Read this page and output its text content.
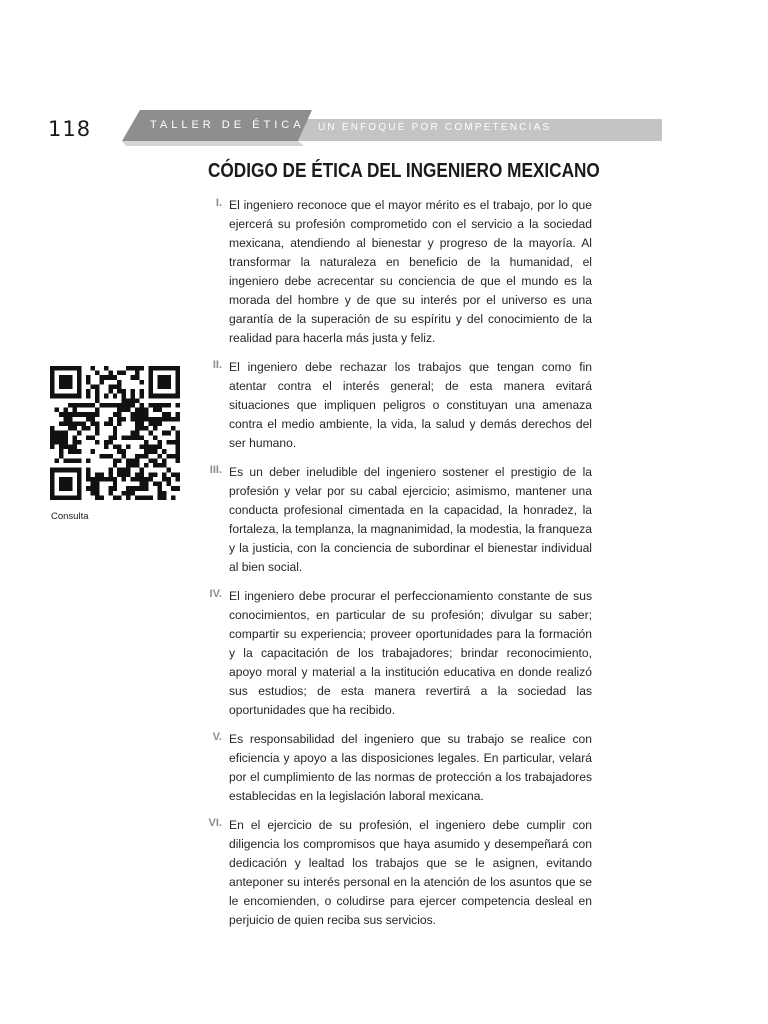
118	TALLER DE ÉTICA UN ENFOQUE POR COMPETENCIAS
CÓDIGO DE ÉTICA DEL INGENIERO MEXICANO
Consulta
I. El ingeniero reconoce que el mayor mérito es el trabajo, por lo que ejercerá su profesión comprometido con el servicio a la sociedad mexicana, atendiendo al bienestar y progreso de la mayoría. Al transformar la naturaleza en beneficio de la humanidad, el ingeniero debe acrecentar su conciencia de que el mundo es la morada del hombre y de que su interés por el universo es una garantía de la superación de su espíritu y del conocimiento de la realidad para hacerla más justa y feliz.
II. El ingeniero debe rechazar los trabajos que tengan como fin atentar contra el interés general; de esta manera evitará situaciones que impliquen peligros o constituyan una amenaza contra el medio ambiente, la vida, la salud y demás derechos del ser humano.
III. Es un deber ineludible del ingeniero sostener el prestigio de la profesión y velar por su cabal ejercicio; asimismo, mantener una conducta profesional cimentada en la capacidad, la honradez, la fortaleza, la templanza, la magnanimidad, la modestia, la franqueza y la justicia, con la conciencia de subordinar el bienestar individual al bien social.
IV. El ingeniero debe procurar el perfeccionamiento constante de sus conocimientos, en particular de su profesión; divulgar su saber; compartir su experiencia; proveer oportunidades para la formación y la capacitación de los trabajadores; brindar reconocimiento, apoyo moral y material a la institución educativa en donde realizó sus estudios; de esta manera revertirá a la sociedad las oportunidades que ha recibido.
V. Es responsabilidad del ingeniero que su trabajo se realice con eficiencia y apoyo a las disposiciones legales. En particular, velará por el cumplimiento de las normas de protección a los trabajadores establecidas en la legislación laboral mexicana.
VI. En el ejercicio de su profesión, el ingeniero debe cumplir con diligencia los compromisos que haya asumido y desempeñará con dedicación y lealtad los trabajos que se le asignen, evitando anteponer su interés personal en la atención de los asuntos que se le encomienden, o coludirse para ejercer competencia desleal en perjuicio de quien reciba sus servicios.
